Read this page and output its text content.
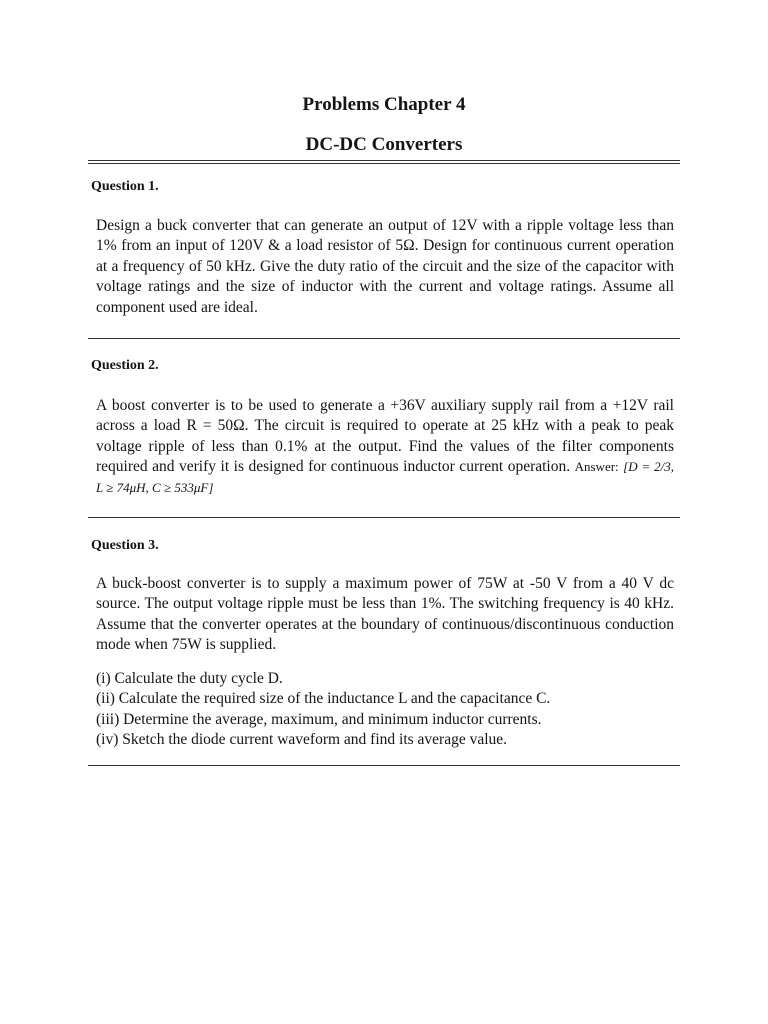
Problems Chapter 4
DC-DC Converters
Question 1.
Design a buck converter that can generate an output of 12V with a ripple voltage less than 1% from an input of 120V & a load resistor of 5Ω. Design for continuous current operation at a frequency of 50 kHz. Give the duty ratio of the circuit and the size of the capacitor with voltage ratings and the size of inductor with the current and voltage ratings. Assume all component used are ideal.
Question 2.
A boost converter is to be used to generate a +36V auxiliary supply rail from a +12V rail across a load R = 50Ω. The circuit is required to operate at 25 kHz with a peak to peak voltage ripple of less than 0.1% at the output. Find the values of the filter components required and verify it is designed for continuous inductor current operation. Answer: [D = 2/3, L ≥ 74μH, C ≥ 533μF]
Question 3.
A buck-boost converter is to supply a maximum power of 75W at -50 V from a 40 V dc source. The output voltage ripple must be less than 1%. The switching frequency is 40 kHz. Assume that the converter operates at the boundary of continuous/discontinuous conduction mode when 75W is supplied.
(i) Calculate the duty cycle D.
(ii) Calculate the required size of the inductance L and the capacitance C.
(iii) Determine the average, maximum, and minimum inductor currents.
(iv) Sketch the diode current waveform and find its average value.
